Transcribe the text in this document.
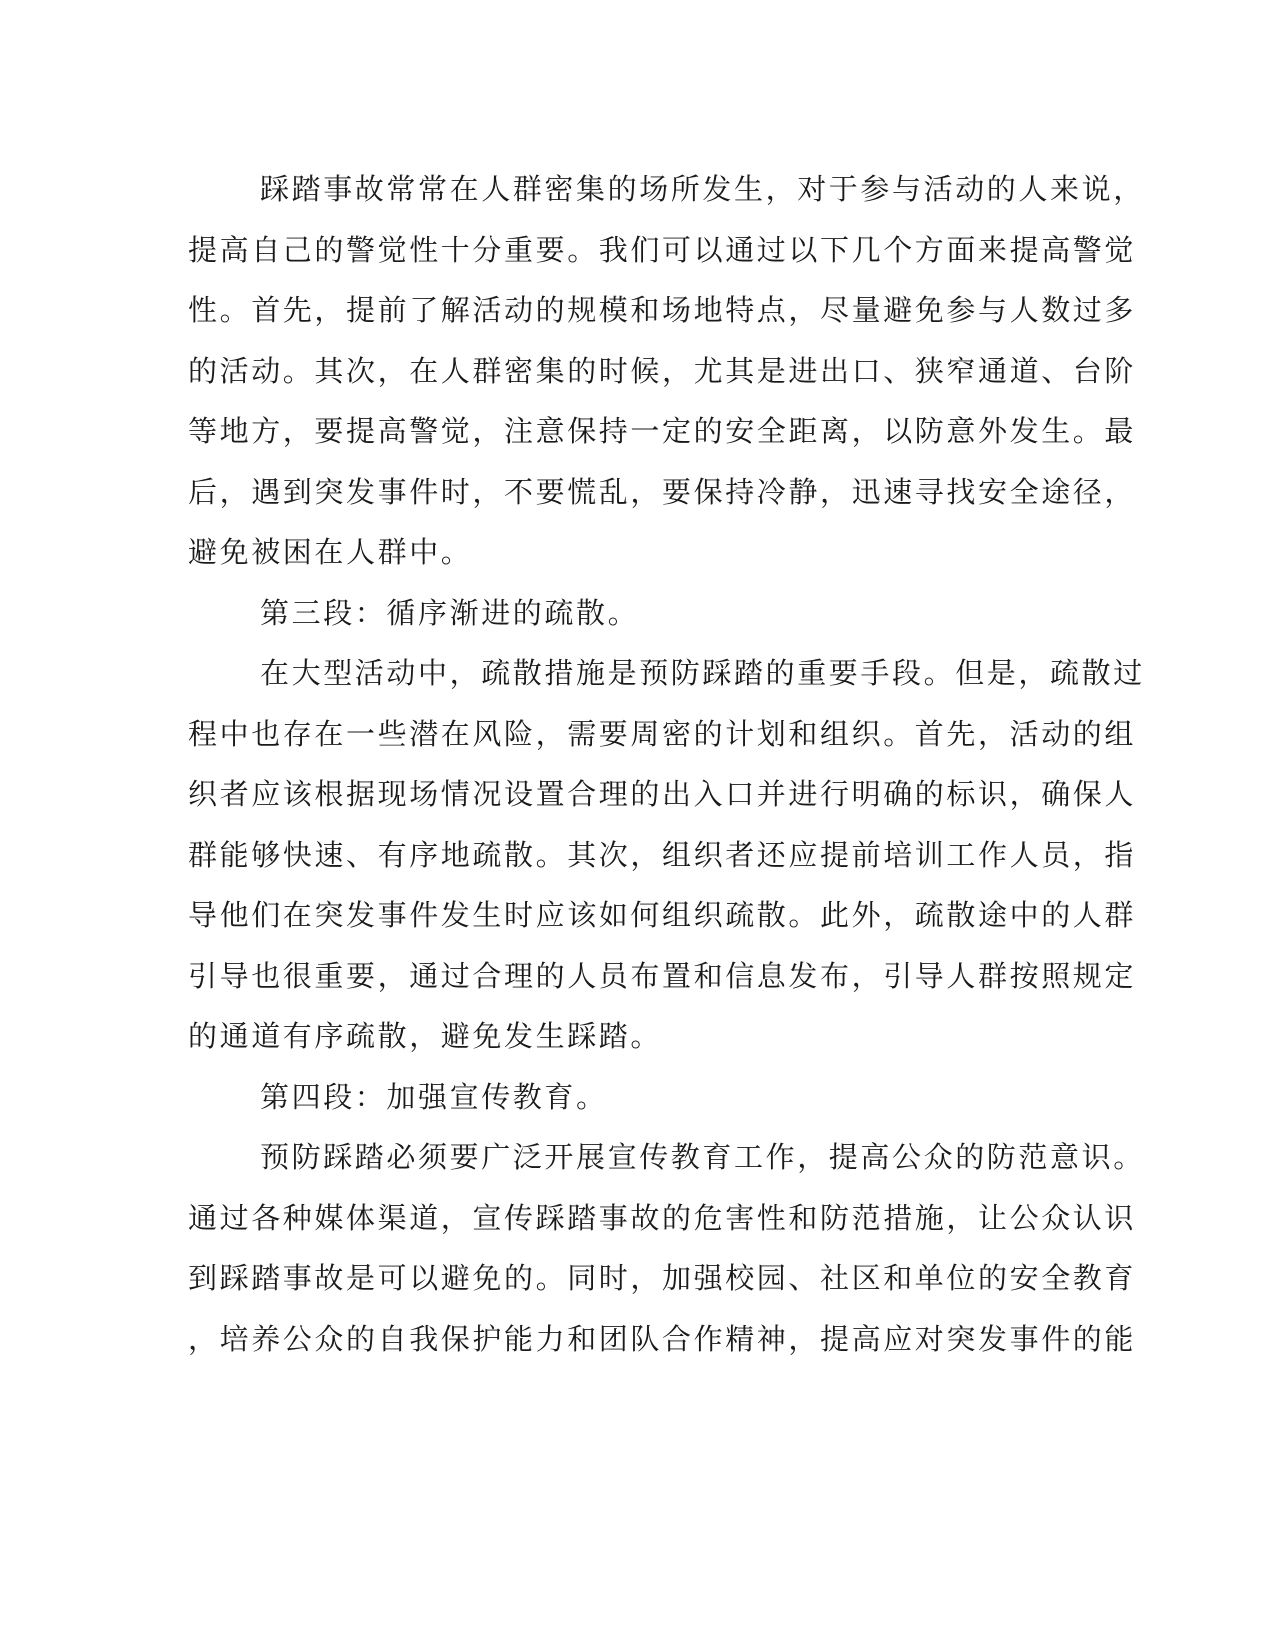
踩踏事故常常在人群密集的场所发生，对于参与活动的人来说，
提高自己的警觉性十分重要。我们可以通过以下几个方面来提高警觉
性。首先，提前了解活动的规模和场地特点，尽量避免参与人数过多
的活动。其次，在人群密集的时候，尤其是进出口、狭窄通道、台阶
等地方，要提高警觉，注意保持一定的安全距离，以防意外发生。最
后，遇到突发事件时，不要慌乱，要保持冷静，迅速寻找安全途径，
避免被困在人群中。
第三段：循序渐进的疏散。
在大型活动中，疏散措施是预防踩踏的重要手段。但是，疏散过
程中也存在一些潜在风险，需要周密的计划和组织。首先，活动的组
织者应该根据现场情况设置合理的出入口并进行明确的标识，确保人
群能够快速、有序地疏散。其次，组织者还应提前培训工作人员，指
导他们在突发事件发生时应该如何组织疏散。此外，疏散途中的人群
引导也很重要，通过合理的人员布置和信息发布，引导人群按照规定
的通道有序疏散，避免发生踩踏。
第四段：加强宣传教育。
预防踩踏必须要广泛开展宣传教育工作，提高公众的防范意识。
通过各种媒体渠道，宣传踩踏事故的危害性和防范措施，让公众认识
到踩踏事故是可以避免的。同时，加强校园、社区和单位的安全教育
，培养公众的自我保护能力和团队合作精神，提高应对突发事件的能
